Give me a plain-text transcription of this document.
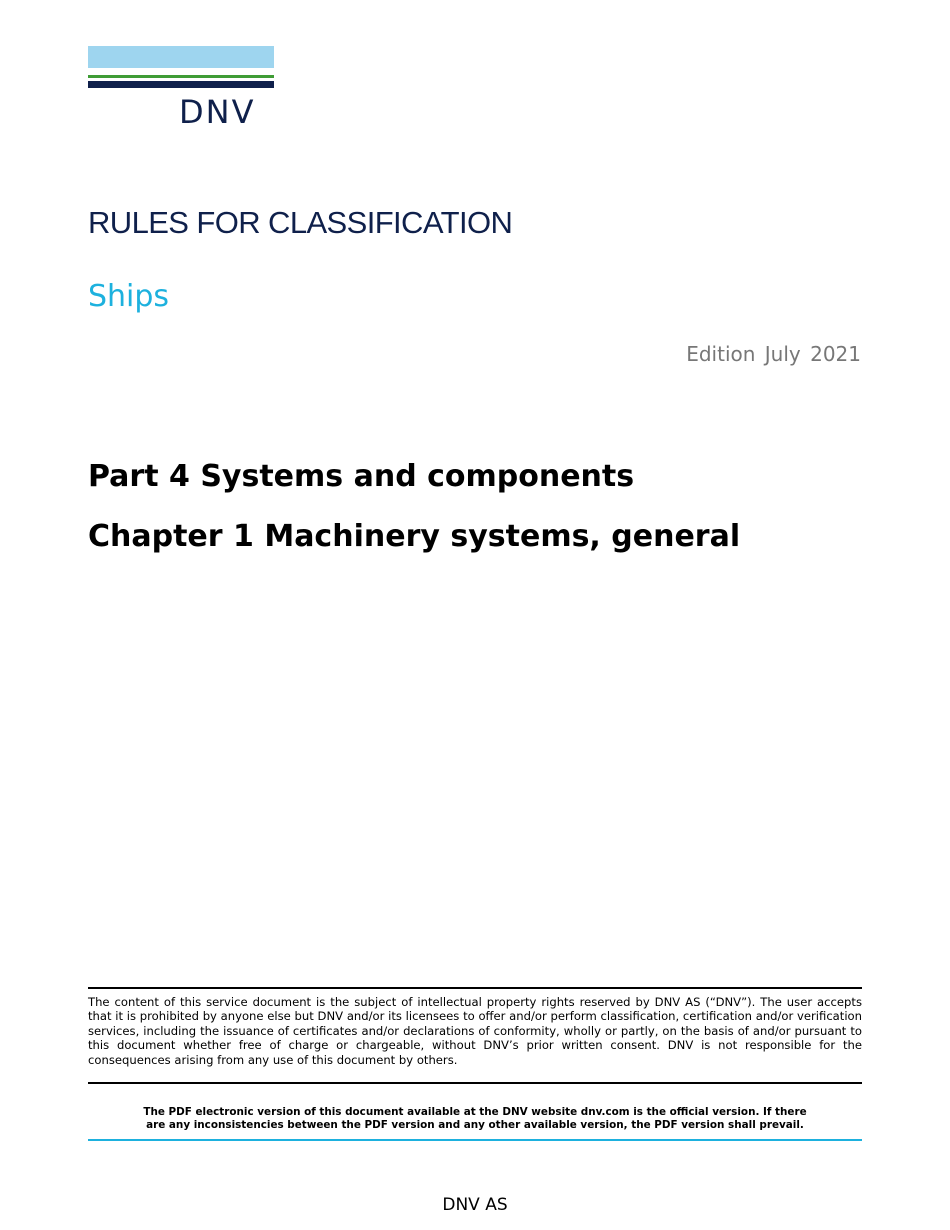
DNV
RULES FOR CLASSIFICATION
Ships
Edition July 2021
Part 4 Systems and components
Chapter 1 Machinery systems, general
The content of this service document is the subject of intellectual property rights reserved by DNV AS (“DNV”). The user accepts that it is prohibited by anyone else but DNV and/or its licensees to offer and/or perform classification, certification and/or verification services, including the issuance of certificates and/or declarations of conformity, wholly or partly, on the basis of and/or pursuant to this document whether free of charge or chargeable, without DNV’s prior written consent. DNV is not responsible for the consequences arising from any use of this document by others.
The PDF electronic version of this document available at the DNV website dnv.com is the official version. If there
are any inconsistencies between the PDF version and any other available version, the PDF version shall prevail.
DNV AS
